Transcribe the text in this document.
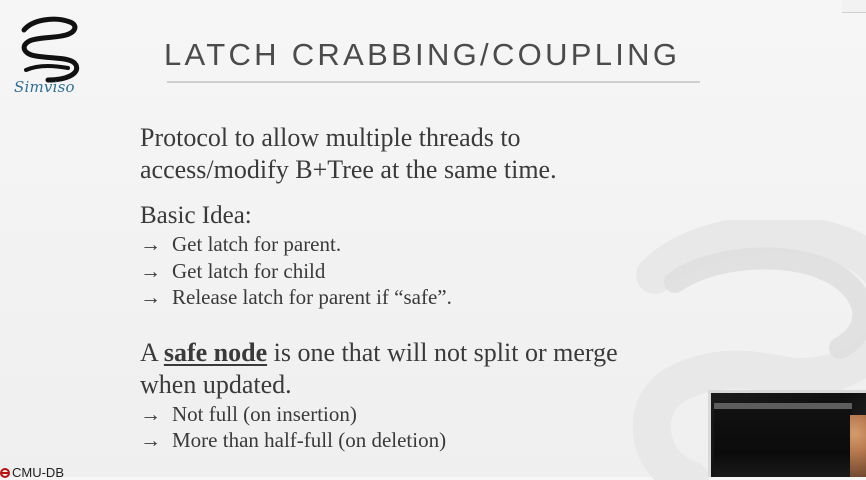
Simviso
LATCH CRABBING/COUPLING

Protocol to allow multiple threads to

access/modify B+Tree at the same time.

Basic Idea:

→ Get latch for parent.
→ Get latch for child
→ Release latch for parent if “safe”.

A safe node is one that will not split or merge

when updated.

→ Not full (on insertion)
→ More than half-full (on deletion)
CMU-DB
